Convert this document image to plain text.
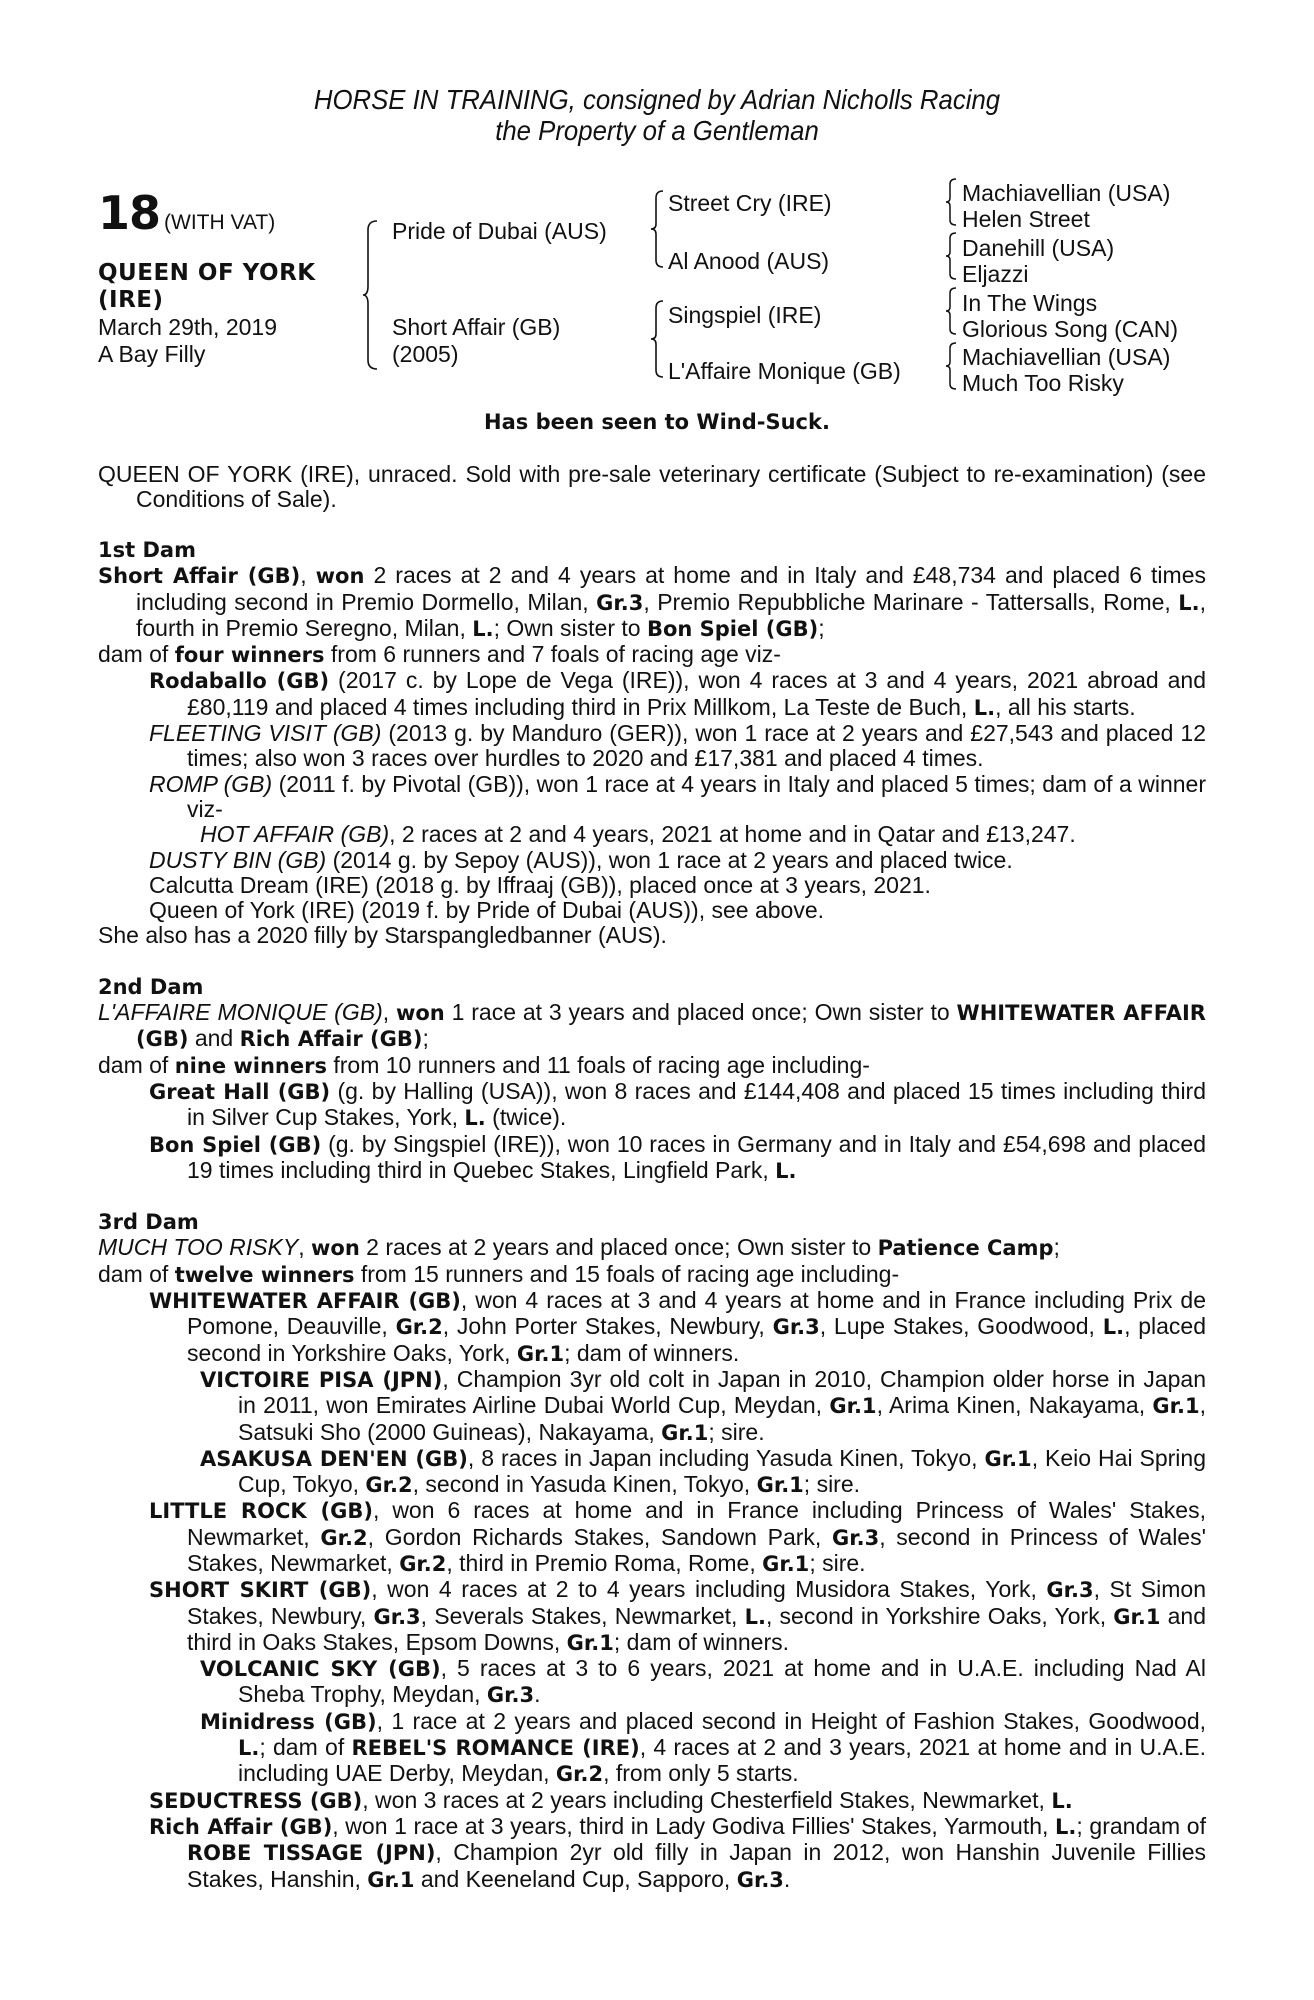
HORSE IN TRAINING, consigned by Adrian Nicholls Racing
the Property of a Gentleman
18 (WITH VAT)
QUEEN OF YORK
(IRE)
March 29th, 2019
A Bay Filly
Pride of Dubai (AUS)
Short Affair (GB)
(2005)
Street Cry (IRE)
Al Anood (AUS)
Singspiel (IRE)
L'Affaire Monique (GB)
Machiavellian (USA)
Helen Street
Danehill (USA)
Eljazzi
In The Wings
Glorious Song (CAN)
Machiavellian (USA)
Much Too Risky
Has been seen to Wind-Suck.

QUEEN OF YORK (IRE), unraced. Sold with pre-sale veterinary certificate (Subject to re-examination) (see Conditions of Sale).

1st Dam

Short Affair (GB), won 2 races at 2 and 4 years at home and in Italy and £48,734 and placed 6 times including second in Premio Dormello, Milan, Gr.3, Premio Repubbliche Marinare - Tattersalls, Rome, L., fourth in Premio Seregno, Milan, L.; Own sister to Bon Spiel (GB);

dam of four winners from 6 runners and 7 foals of racing age viz-

Rodaballo (GB) (2017 c. by Lope de Vega (IRE)), won 4 races at 3 and 4 years, 2021 abroad and £80,119 and placed 4 times including third in Prix Millkom, La Teste de Buch, L., all his starts.

FLEETING VISIT (GB) (2013 g. by Manduro (GER)), won 1 race at 2 years and £27,543 and placed 12 times; also won 3 races over hurdles to 2020 and £17,381 and placed 4 times.

ROMP (GB) (2011 f. by Pivotal (GB)), won 1 race at 4 years in Italy and placed 5 times; dam of a winner viz-

HOT AFFAIR (GB), 2 races at 2 and 4 years, 2021 at home and in Qatar and £13,247.

DUSTY BIN (GB) (2014 g. by Sepoy (AUS)), won 1 race at 2 years and placed twice.

Calcutta Dream (IRE) (2018 g. by Iffraaj (GB)), placed once at 3 years, 2021.

Queen of York (IRE) (2019 f. by Pride of Dubai (AUS)), see above.

She also has a 2020 filly by Starspangledbanner (AUS).

2nd Dam

L'AFFAIRE MONIQUE (GB), won 1 race at 3 years and placed once; Own sister to WHITEWATER AFFAIR (GB) and Rich Affair (GB);

dam of nine winners from 10 runners and 11 foals of racing age including-

Great Hall (GB) (g. by Halling (USA)), won 8 races and £144,408 and placed 15 times including third in Silver Cup Stakes, York, L. (twice).

Bon Spiel (GB) (g. by Singspiel (IRE)), won 10 races in Germany and in Italy and £54,698 and placed 19 times including third in Quebec Stakes, Lingfield Park, L.

3rd Dam

MUCH TOO RISKY, won 2 races at 2 years and placed once; Own sister to Patience Camp;

dam of twelve winners from 15 runners and 15 foals of racing age including-

WHITEWATER AFFAIR (GB), won 4 races at 3 and 4 years at home and in France including Prix de Pomone, Deauville, Gr.2, John Porter Stakes, Newbury, Gr.3, Lupe Stakes, Goodwood, L., placed second in Yorkshire Oaks, York, Gr.1; dam of winners.

VICTOIRE PISA (JPN), Champion 3yr old colt in Japan in 2010, Champion older horse in Japan in 2011, won Emirates Airline Dubai World Cup, Meydan, Gr.1, Arima Kinen, Nakayama, Gr.1, Satsuki Sho (2000 Guineas), Nakayama, Gr.1; sire.

ASAKUSA DEN'EN (GB), 8 races in Japan including Yasuda Kinen, Tokyo, Gr.1, Keio Hai Spring Cup, Tokyo, Gr.2, second in Yasuda Kinen, Tokyo, Gr.1; sire.

LITTLE ROCK (GB), won 6 races at home and in France including Princess of Wales' Stakes, Newmarket, Gr.2, Gordon Richards Stakes, Sandown Park, Gr.3, second in Princess of Wales' Stakes, Newmarket, Gr.2, third in Premio Roma, Rome, Gr.1; sire.

SHORT SKIRT (GB), won 4 races at 2 to 4 years including Musidora Stakes, York, Gr.3, St Simon Stakes, Newbury, Gr.3, Severals Stakes, Newmarket, L., second in Yorkshire Oaks, York, Gr.1 and third in Oaks Stakes, Epsom Downs, Gr.1; dam of winners.

VOLCANIC SKY (GB), 5 races at 3 to 6 years, 2021 at home and in U.A.E. including Nad Al Sheba Trophy, Meydan, Gr.3.

Minidress (GB), 1 race at 2 years and placed second in Height of Fashion Stakes, Goodwood, L.; dam of REBEL'S ROMANCE (IRE), 4 races at 2 and 3 years, 2021 at home and in U.A.E. including UAE Derby, Meydan, Gr.2, from only 5 starts.

SEDUCTRESS (GB), won 3 races at 2 years including Chesterfield Stakes, Newmarket, L.

Rich Affair (GB), won 1 race at 3 years, third in Lady Godiva Fillies' Stakes, Yarmouth, L.; grandam of ROBE TISSAGE (JPN), Champion 2yr old filly in Japan in 2012, won Hanshin Juvenile Fillies Stakes, Hanshin, Gr.1 and Keeneland Cup, Sapporo, Gr.3.
